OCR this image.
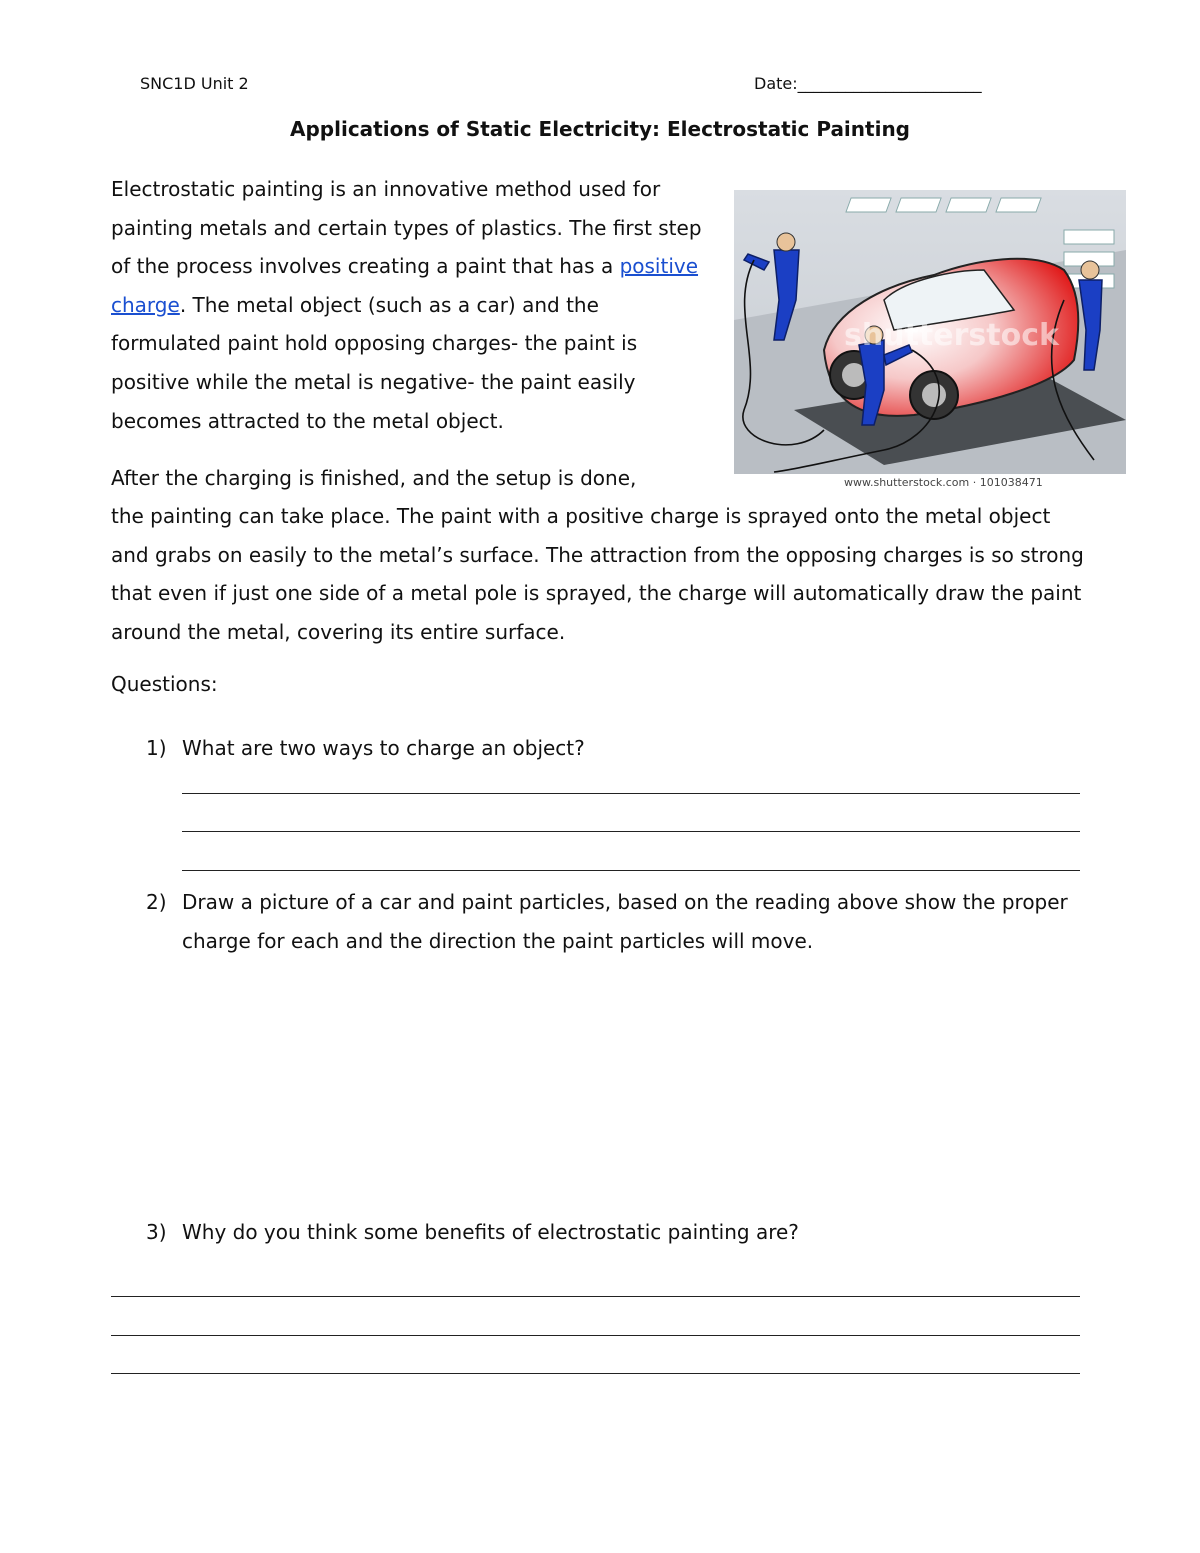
SNC1D Unit 2	Date:_______________________
Applications of Static Electricity: Electrostatic Painting
Electrostatic painting is an innovative method used for painting metals and certain types of plastics. The first step of the process involves creating a paint that has a positive charge. The metal object (such as a car) and the formulated paint hold opposing charges- the paint is positive while the metal is negative- the paint easily becomes attracted to the metal object.
shutterstock
www.shutterstock.com · 101038471
After the charging is finished, and the setup is done,
the painting can take place. The paint with a positive charge is sprayed onto the metal object and grabs on easily to the metal’s surface. The attraction from the opposing charges is so strong that even if just one side of a metal pole is sprayed, the charge will automatically draw the paint around the metal, covering its entire surface.
Questions:
1) What are two ways to charge an object?
2) Draw a picture of a car and paint particles, based on the reading above show the proper charge for each and the direction the paint particles will move.
3) Why do you think some benefits of electrostatic painting are?
